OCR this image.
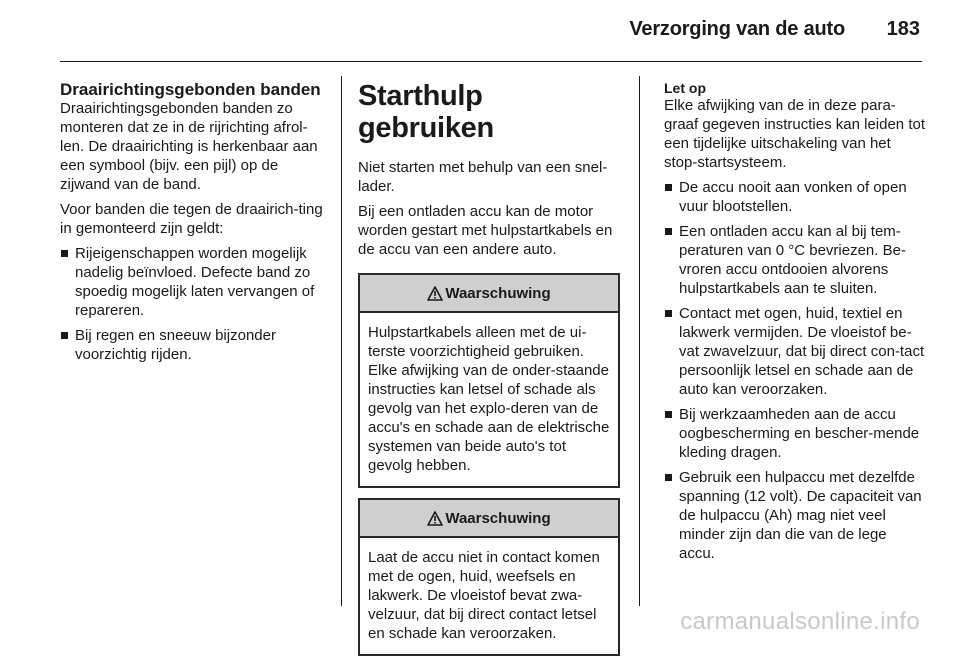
Verzorging van de auto 183
Draairichtingsgebonden banden

Draairichtingsgebonden banden zo monteren dat ze in de rijrichting afrol-len. De draairichting is herkenbaar aan een symbool (bijv. een pijl) op de zijwand van de band.

Voor banden die tegen de draairich-ting in gemonteerd zijn geldt:

Rijeigenschappen worden mogelijk nadelig beïnvloed. Defecte band zo spoedig mogelijk laten vervangen of repareren.
Bij regen en sneeuw bijzonder voorzichtig rijden.
Starthulp gebruiken

Niet starten met behulp van een snel-lader.

Bij een ontladen accu kan de motor worden gestart met hulpstartkabels en de accu van een andere auto.

Waarschuwing
Hulpstartkabels alleen met de ui-terste voorzichtigheid gebruiken. Elke afwijking van de onder-staande instructies kan letsel of schade als gevolg van het explo-deren van de accu's en schade aan de elektrische systemen van beide auto's tot gevolg hebben.
Waarschuwing
Laat de accu niet in contact komen met de ogen, huid, weefsels en lakwerk. De vloeistof bevat zwa-velzuur, dat bij direct contact letsel en schade kan veroorzaken.
Let op

Elke afwijking van de in deze para-graaf gegeven instructies kan leiden tot een tijdelijke uitschakeling van het stop-startsysteem.

De accu nooit aan vonken of open vuur blootstellen.
Een ontladen accu kan al bij tem-peraturen van 0 °C bevriezen. Be-vroren accu ontdooien alvorens hulpstartkabels aan te sluiten.
Contact met ogen, huid, textiel en lakwerk vermijden. De vloeistof be-vat zwavelzuur, dat bij direct con-tact persoonlijk letsel en schade aan de auto kan veroorzaken.
Bij werkzaamheden aan de accu oogbescherming en bescher-mende kleding dragen.
Gebruik een hulpaccu met dezelfde spanning (12 volt). De capaciteit van de hulpaccu (Ah) mag niet veel minder zijn dan die van de lege accu.
carmanualsonline.info
